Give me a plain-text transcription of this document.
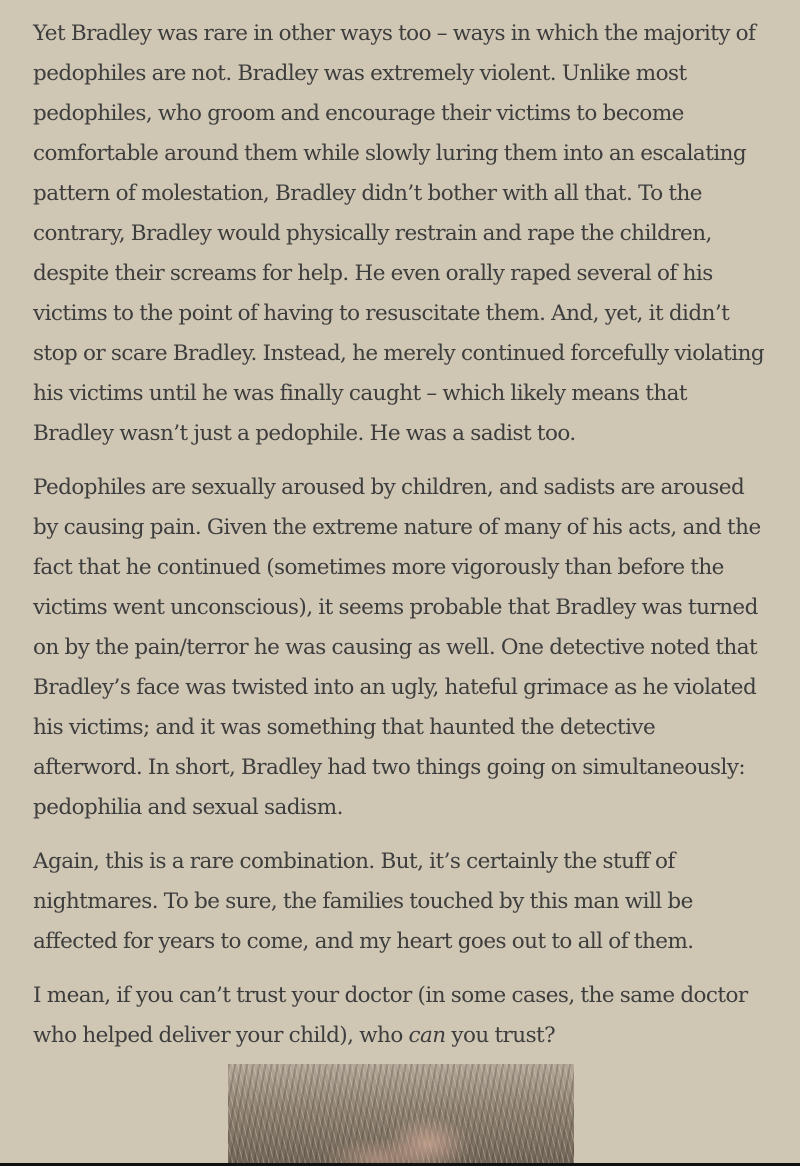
Yet Bradley was rare in other ways too – ways in which the majority of pedophiles are not. Bradley was extremely violent. Unlike most pedophiles, who groom and encourage their victims to become comfortable around them while slowly luring them into an escalating pattern of molestation, Bradley didn’t bother with all that. To the contrary, Bradley would physically restrain and rape the children, despite their screams for help. He even orally raped several of his victims to the point of having to resuscitate them. And, yet, it didn’t stop or scare Bradley. Instead, he merely continued forcefully violating his victims until he was finally caught – which likely means that Bradley wasn’t just a pedophile. He was a sadist too.

Pedophiles are sexually aroused by children, and sadists are aroused by causing pain. Given the extreme nature of many of his acts, and the fact that he continued (sometimes more vigorously than before the victims went unconscious), it seems probable that Bradley was turned on by the pain/terror he was causing as well. One detective noted that Bradley’s face was twisted into an ugly, hateful grimace as he violated his victims; and it was something that haunted the detective afterword. In short, Bradley had two things going on simultaneously: pedophilia and sexual sadism.

Again, this is a rare combination. But, it’s certainly the stuff of nightmares. To be sure, the families touched by this man will be affected for years to come, and my heart goes out to all of them.

I mean, if you can’t trust your doctor (in some cases, the same doctor who helped deliver your child), who can you trust?
